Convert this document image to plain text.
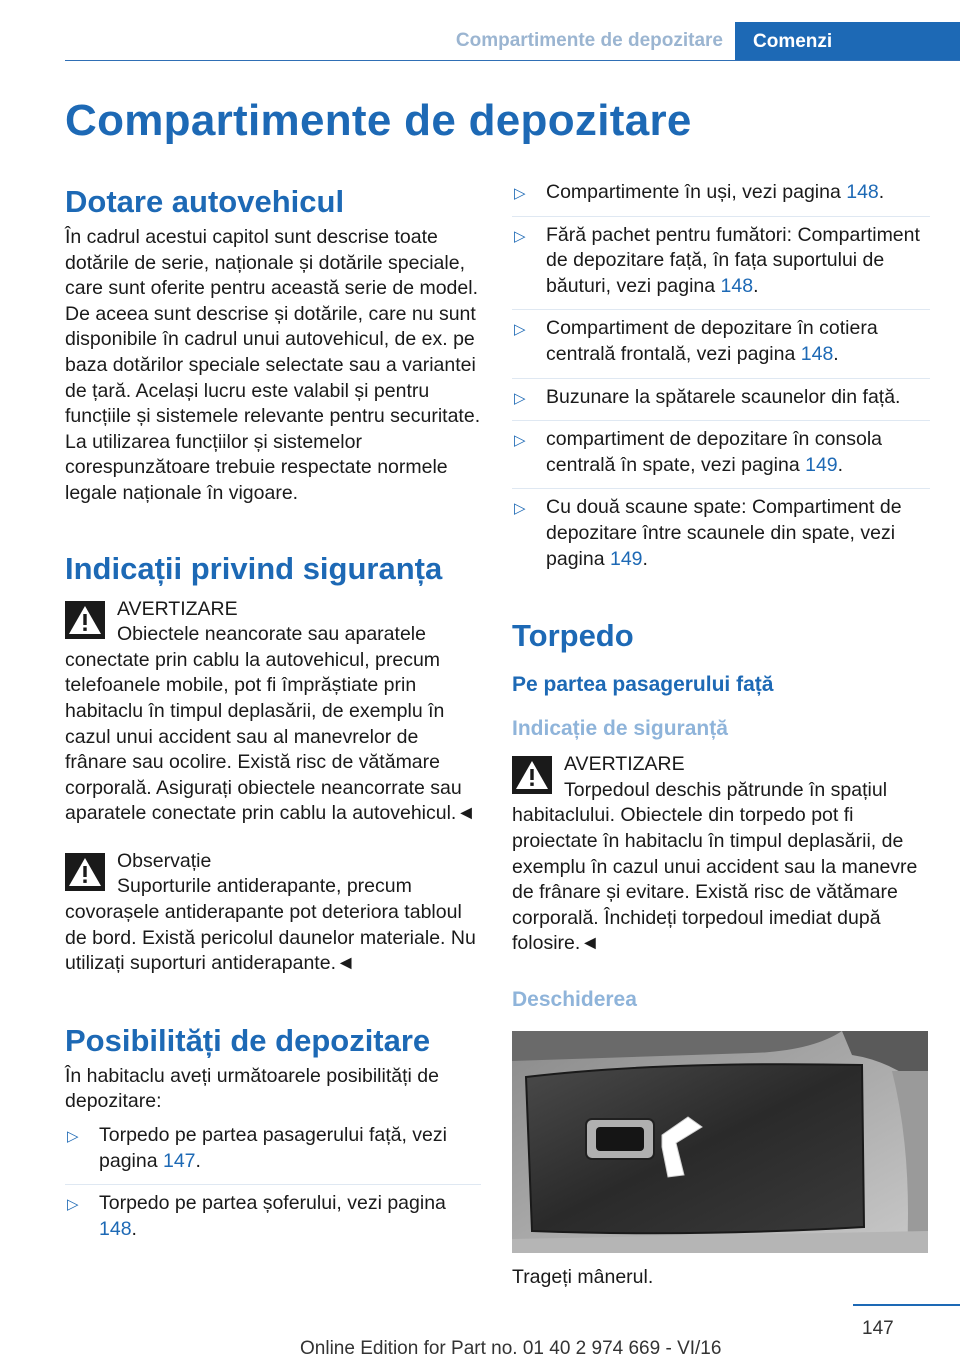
Compartimente de depozitare	Comenzi
Compartimente de depozitare
Dotare autovehicul

În cadrul acestui capitol sunt descrise toate dotările de serie, naționale și dotările speciale, care sunt oferite pentru această serie de model. De aceea sunt descrise și dotările, care nu sunt disponibile în cadrul unui autovehicul, de ex. pe baza dotărilor speciale selectate sau a variantei de țară. Același lucru este valabil și pentru funcțiile și sistemele relevante pentru securitate. La utilizarea funcțiilor și sistemelor corespunzătoare trebuie respectate normele legale naționale în vigoare.

Indicații privind siguranța
AVERTIZARE
Obiectele neancorate sau aparatele conectate prin cablu la autovehicul, precum telefoanele mobile, pot fi împrăștiate prin habitaclu în timpul deplasării, de exemplu în cazul unui accident sau al manevrelor de frânare sau ocolire. Există risc de vătămare corporală. Asigurați obiectele neancorrate sau aparatele conectate prin cablu la autovehicul.◄
Observație
Suporturile antiderapante, precum covorașele antiderapante pot deteriora tabloul de bord. Există pericolul daunelor materiale. Nu utilizați suporturi antiderapante.◄
Posibilități de depozitare

În habitaclu aveți următoarele posibilități de depozitare:

▷ Torpedo pe partea pasagerului față, vezi pagina 147.
▷ Torpedo pe partea șoferului, vezi pagina 148.
▷ Compartimente în uși, vezi pagina 148.
▷ Fără pachet pentru fumători: Compartiment de depozitare față, în fața suportului de băuturi, vezi pagina 148.
▷ Compartiment de depozitare în cotiera centrală frontală, vezi pagina 148.
▷ Buzunare la spătarele scaunelor din față.
▷ compartiment de depozitare în consola centrală în spate, vezi pagina 149.
▷ Cu două scaune spate: Compartiment de depozitare între scaunele din spate, vezi pagina 149.
Torpedo
Pe partea pasagerului față
Indicație de siguranță
AVERTIZARE
Torpedoul deschis pătrunde în spațiul habitaclului. Obiectele din torpedo pot fi proiectate în habitaclu în timpul deplasării, de exemplu în cazul unui accident sau la manevre de frânare și evitare. Există risc de vătămare corporală. Închideți torpedoul imediat după folosire.◄
Deschiderea
Trageți mânerul.
147
Online Edition for Part no. 01 40 2 974 669 - VI/16
